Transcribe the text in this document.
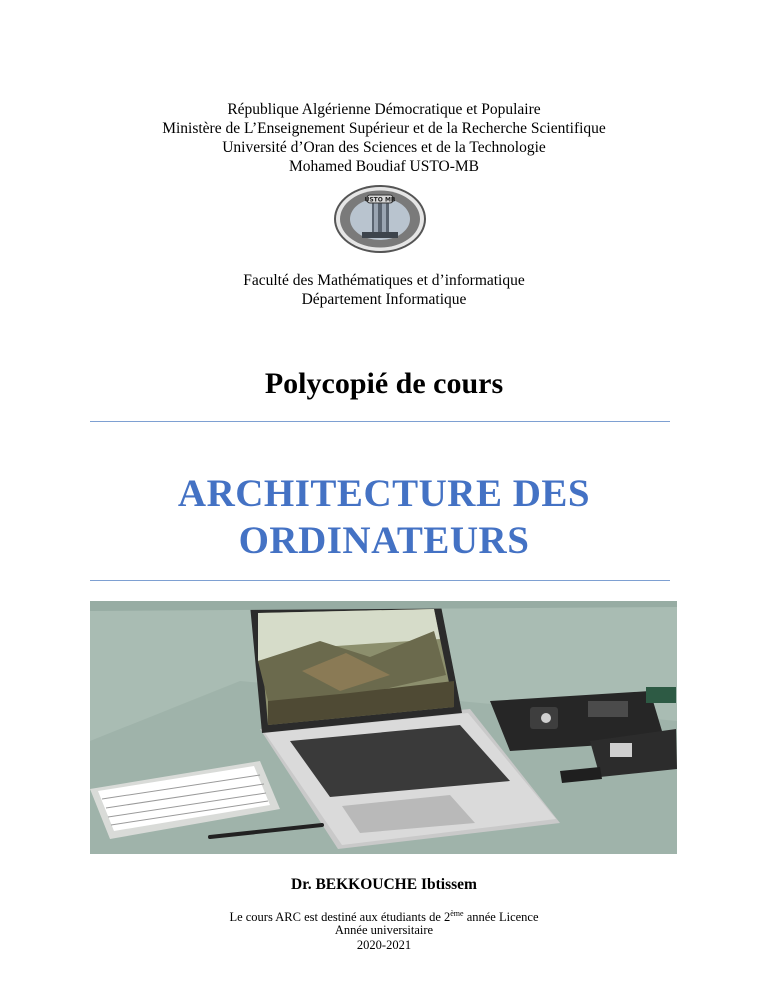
République Algérienne Démocratique et Populaire
Ministère de L’Enseignement Supérieur et de la Recherche Scientifique
Université d’Oran des Sciences et de la Technologie
Mohamed Boudiaf USTO-MB
USTO MB
Faculté des Mathématiques et d’informatique
Département Informatique
Polycopié de cours
ARCHITECTURE DES
ORDINATEURS
Dr. BEKKOUCHE Ibtissem
Le cours ARC est destiné aux étudiants de 2ème année Licence
Année universitaire
2020-2021
